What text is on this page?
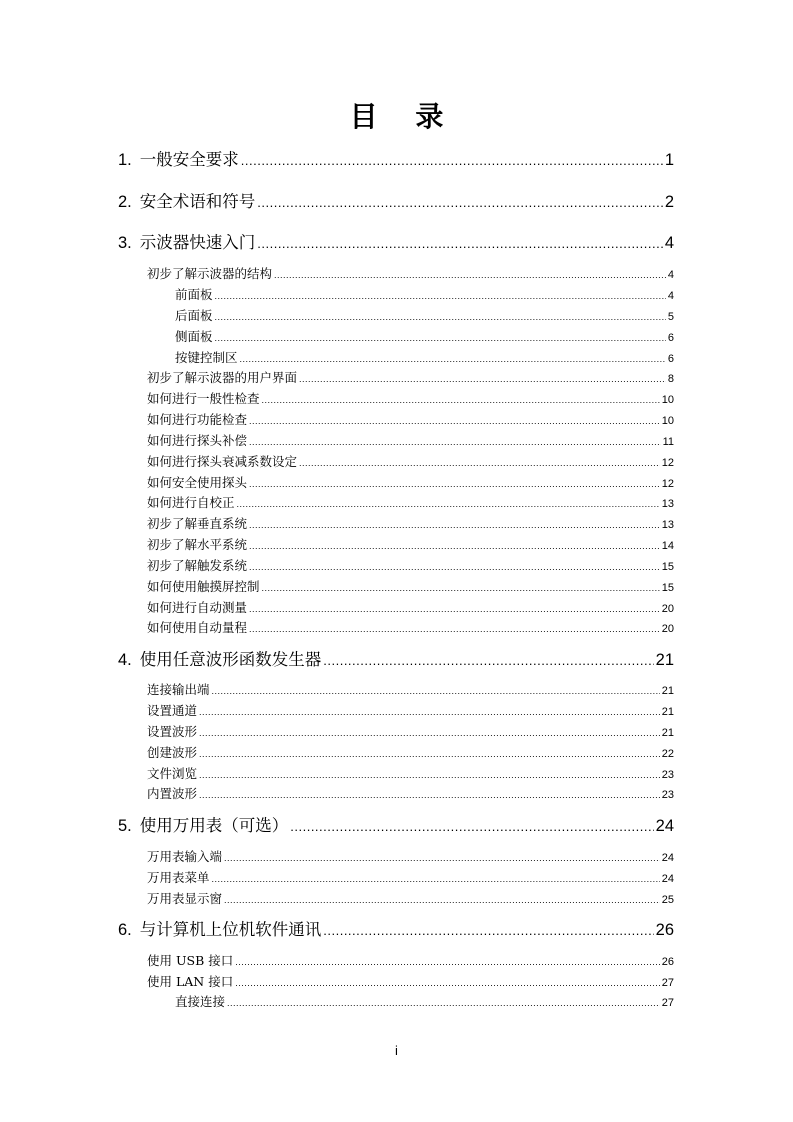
目 录
1. 一般安全要求 .....	1
2. 安全术语和符号 .....	2
3. 示波器快速入门 .....	4
初步了解示波器的结构 .....	4
前面板 .....	4
后面板 .....	5
侧面板 .....	6
按键控制区 .....	6
初步了解示波器的用户界面 .....	8
如何进行一般性检查 .....	10
如何进行功能检查 .....	10
如何进行探头补偿 .....	11
如何进行探头衰减系数设定 .....	12
如何安全使用探头 .....	12
如何进行自校正 .....	13
初步了解垂直系统 .....	13
初步了解水平系统 .....	14
初步了解触发系统 .....	15
如何使用触摸屏控制 .....	15
如何进行自动测量 .....	20
如何使用自动量程 .....	20
4. 使用任意波形函数发生器 .....	21
连接输出端 .....	21
设置通道 .....	21
设置波形 .....	21
创建波形 .....	22
文件浏览 .....	23
内置波形 .....	23
5. 使用万用表（可选） .....	24
万用表输入端 .....	24
万用表菜单 .....	24
万用表显示窗 .....	25
6. 与计算机上位机软件通讯 .....	26
使用 USB 接口 .....	26
使用 LAN 接口 .....	27
直接连接 .....	27
i
